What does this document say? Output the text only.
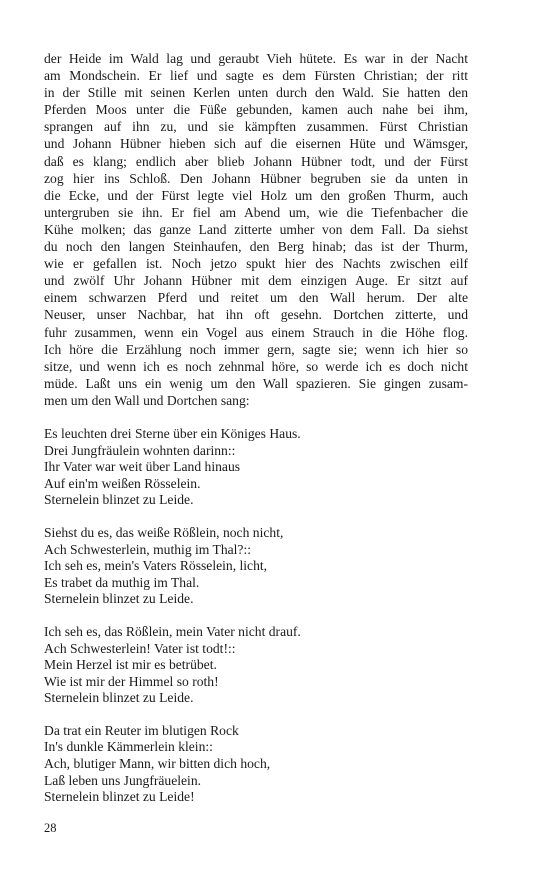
der Heide im Wald lag und geraubt Vieh hütete. Es war in der Nacht
am Mondschein. Er lief und sagte es dem Fürsten Christian; der ritt
in der Stille mit seinen Kerlen unten durch den Wald. Sie hatten den
Pferden Moos unter die Füße gebunden, kamen auch nahe bei ihm,
sprangen auf ihn zu, und sie kämpften zusammen. Fürst Christian
und Johann Hübner hieben sich auf die eisernen Hüte und Wämsger,
daß es klang; endlich aber blieb Johann Hübner todt, und der Fürst
zog hier ins Schloß. Den Johann Hübner begruben sie da unten in
die Ecke, und der Fürst legte viel Holz um den großen Thurm, auch
untergruben sie ihn. Er fiel am Abend um, wie die Tiefenbacher die
Kühe molken; das ganze Land zitterte umher von dem Fall. Da siehst
du noch den langen Steinhaufen, den Berg hinab; das ist der Thurm,
wie er gefallen ist. Noch jetzo spukt hier des Nachts zwischen eilf
und zwölf Uhr Johann Hübner mit dem einzigen Auge. Er sitzt auf
einem schwarzen Pferd und reitet um den Wall herum. Der alte
Neuser, unser Nachbar, hat ihn oft gesehn. Dortchen zitterte, und
fuhr zusammen, wenn ein Vogel aus einem Strauch in die Höhe flog.
Ich höre die Erzählung noch immer gern, sagte sie; wenn ich hier so
sitze, und wenn ich es noch zehnmal höre, so werde ich es doch nicht
müde. Laßt uns ein wenig um den Wall spazieren. Sie gingen zusam-
men um den Wall und Dortchen sang:

Es leuchten drei Sterne über ein Königes Haus.
Drei Jungfräulein wohnten darinn::
Ihr Vater war weit über Land hinaus
Auf ein'm weißen Rösselein.
Sternelein blinzet zu Leide.

Siehst du es, das weiße Rößlein, noch nicht,
Ach Schwesterlein, muthig im Thal?::
Ich seh es, mein's Vaters Rösselein, licht,
Es trabet da muthig im Thal.
Sternelein blinzet zu Leide.

Ich seh es, das Rößlein, mein Vater nicht drauf.
Ach Schwesterlein! Vater ist todt!::
Mein Herzel ist mir es betrübet.
Wie ist mir der Himmel so roth!
Sternelein blinzet zu Leide.

Da trat ein Reuter im blutigen Rock
In's dunkle Kämmerlein klein::
Ach, blutiger Mann, wir bitten dich hoch,
Laß leben uns Jungfräuelein.
Sternelein blinzet zu Leide!

28
